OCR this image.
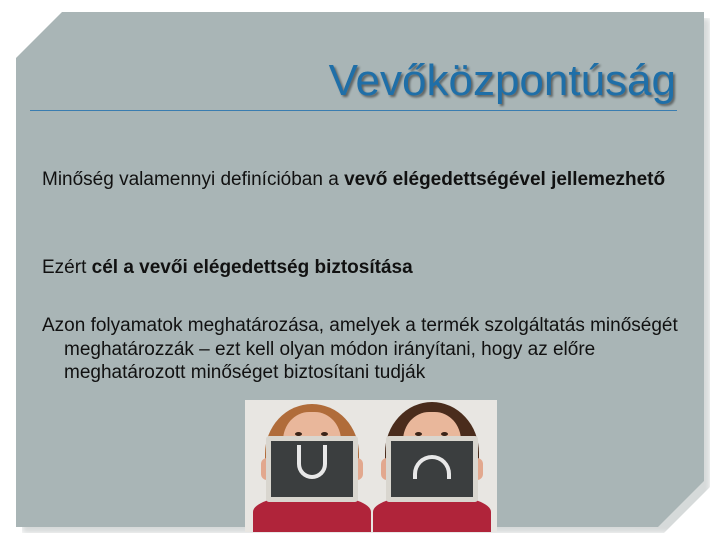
Vevőközpontúság
Minőség valamennyi definícióban a vevő elégedettségével jellemezhető
Ezért cél a vevői elégedettség biztosítása
Azon folyamatok meghatározása, amelyek a termék szolgáltatás minőségét meghatározzák – ezt kell olyan módon irányítani, hogy az előre meghatározott minőséget biztosítani tudják
